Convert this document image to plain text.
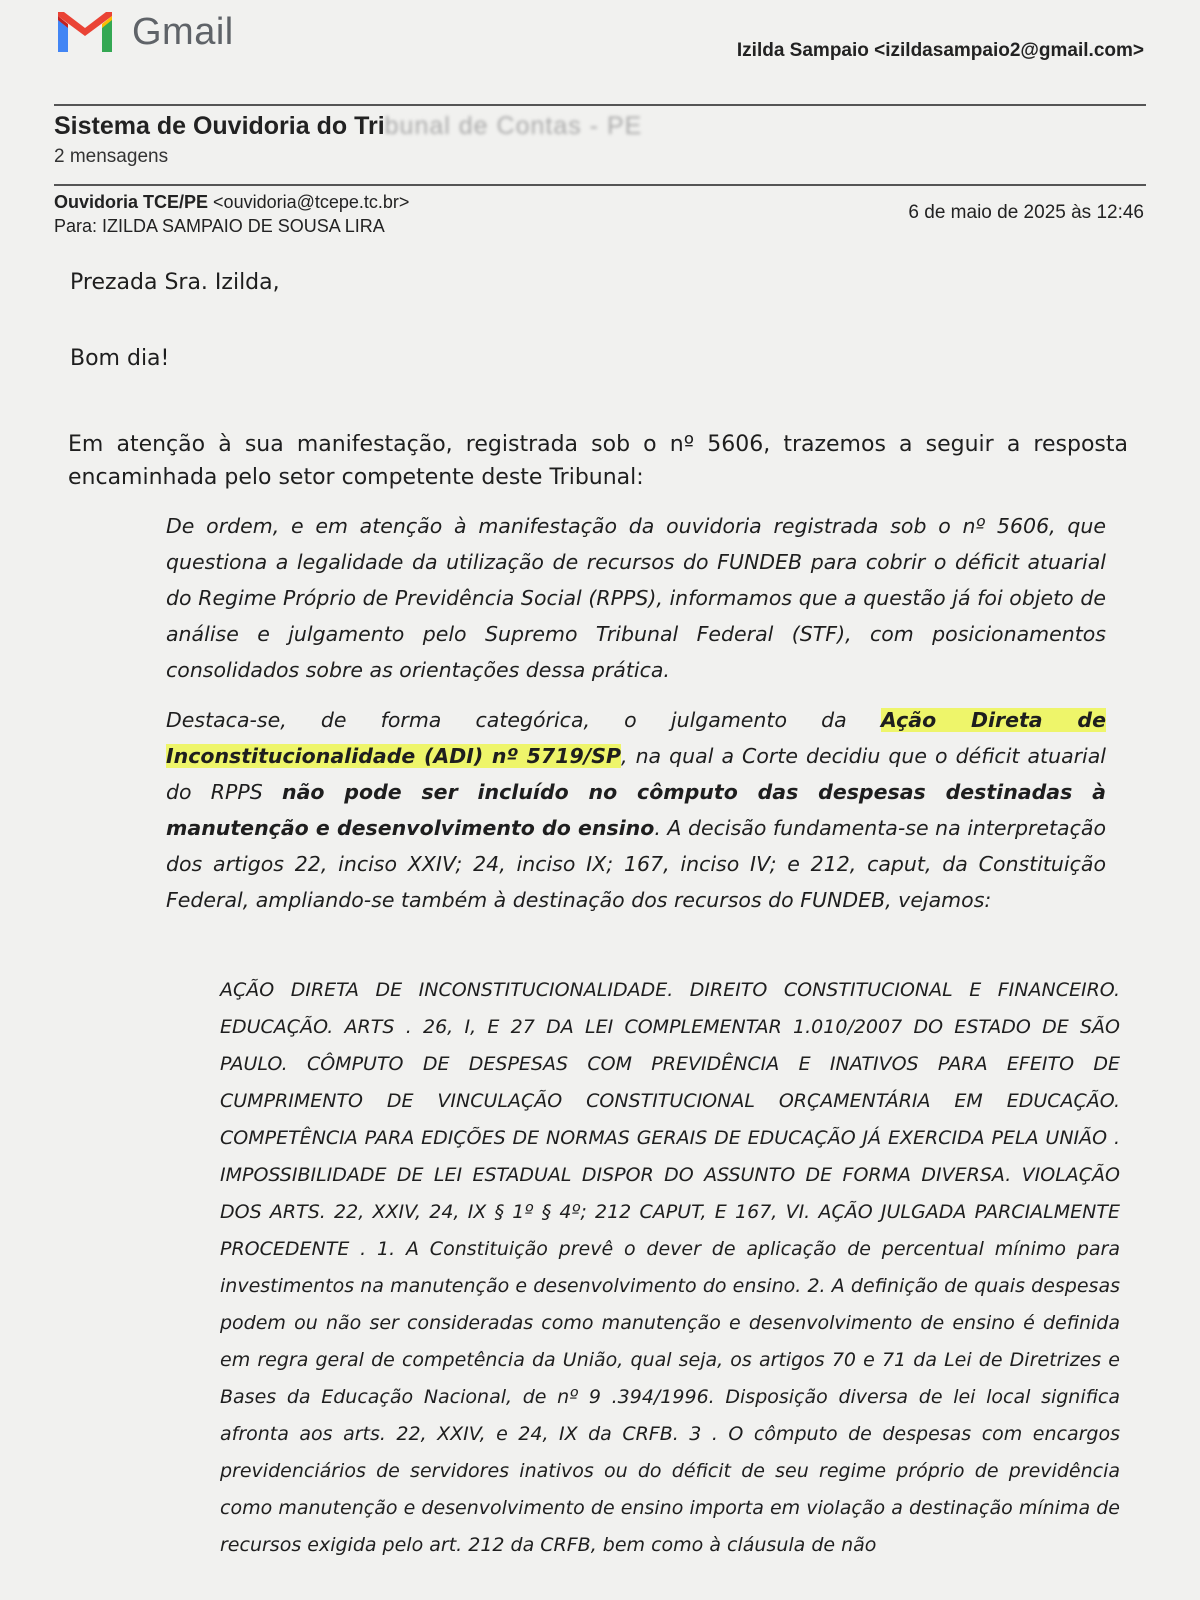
Gmail	Izilda Sampaio <izildasampaio2@gmail.com>
Sistema de Ouvidoria do Tribunal de Contas - PE
2 mensagens
Ouvidoria TCE/PE <ouvidoria@tcepe.tc.br>
Para: IZILDA SAMPAIO DE SOUSA LIRA
6 de maio de 2025 às 12:46
Prezada Sra. Izilda,
Bom dia!
Em atenção à sua manifestação, registrada sob o nº 5606, trazemos a seguir a resposta encaminhada pelo setor competente deste Tribunal:
De ordem, e em atenção à manifestação da ouvidoria registrada sob o nº 5606, que questiona a legalidade da utilização de recursos do FUNDEB para cobrir o déficit atuarial do Regime Próprio de Previdência Social (RPPS), informamos que a questão já foi objeto de análise e julgamento pelo Supremo Tribunal Federal (STF), com posicionamentos consolidados sobre as orientações dessa prática.
Destaca-se, de forma categórica, o julgamento da Ação Direta de Inconstitucionalidade (ADI) nº 5719/SP, na qual a Corte decidiu que o déficit atuarial do RPPS não pode ser incluído no cômputo das despesas destinadas à manutenção e desenvolvimento do ensino. A decisão fundamenta-se na interpretação dos artigos 22, inciso XXIV; 24, inciso IX; 167, inciso IV; e 212, caput, da Constituição Federal, ampliando-se também à destinação dos recursos do FUNDEB, vejamos:
AÇÃO DIRETA DE INCONSTITUCIONALIDADE. DIREITO CONSTITUCIONAL E FINANCEIRO. EDUCAÇÃO. ARTS . 26, I, E 27 DA LEI COMPLEMENTAR 1.010/2007 DO ESTADO DE SÃO PAULO. CÔMPUTO DE DESPESAS COM PREVIDÊNCIA E INATIVOS PARA EFEITO DE CUMPRIMENTO DE VINCULAÇÃO CONSTITUCIONAL ORÇAMENTÁRIA EM EDUCAÇÃO. COMPETÊNCIA PARA EDIÇÕES DE NORMAS GERAIS DE EDUCAÇÃO JÁ EXERCIDA PELA UNIÃO . IMPOSSIBILIDADE DE LEI ESTADUAL DISPOR DO ASSUNTO DE FORMA DIVERSA. VIOLAÇÃO DOS ARTS. 22, XXIV, 24, IX § 1º § 4º; 212 CAPUT, E 167, VI. AÇÃO JULGADA PARCIALMENTE PROCEDENTE . 1. A Constituição prevê o dever de aplicação de percentual mínimo para investimentos na manutenção e desenvolvimento do ensino. 2. A definição de quais despesas podem ou não ser consideradas como manutenção e desenvolvimento de ensino é definida em regra geral de competência da União, qual seja, os artigos 70 e 71 da Lei de Diretrizes e Bases da Educação Nacional, de nº 9 .394/1996. Disposição diversa de lei local significa afronta aos arts. 22, XXIV, e 24, IX da CRFB. 3 . O cômputo de despesas com encargos previdenciários de servidores inativos ou do déficit de seu regime próprio de previdência como manutenção e desenvolvimento de ensino importa em violação a destinação mínima de recursos exigida pelo art. 212 da CRFB, bem como à cláusula de não
